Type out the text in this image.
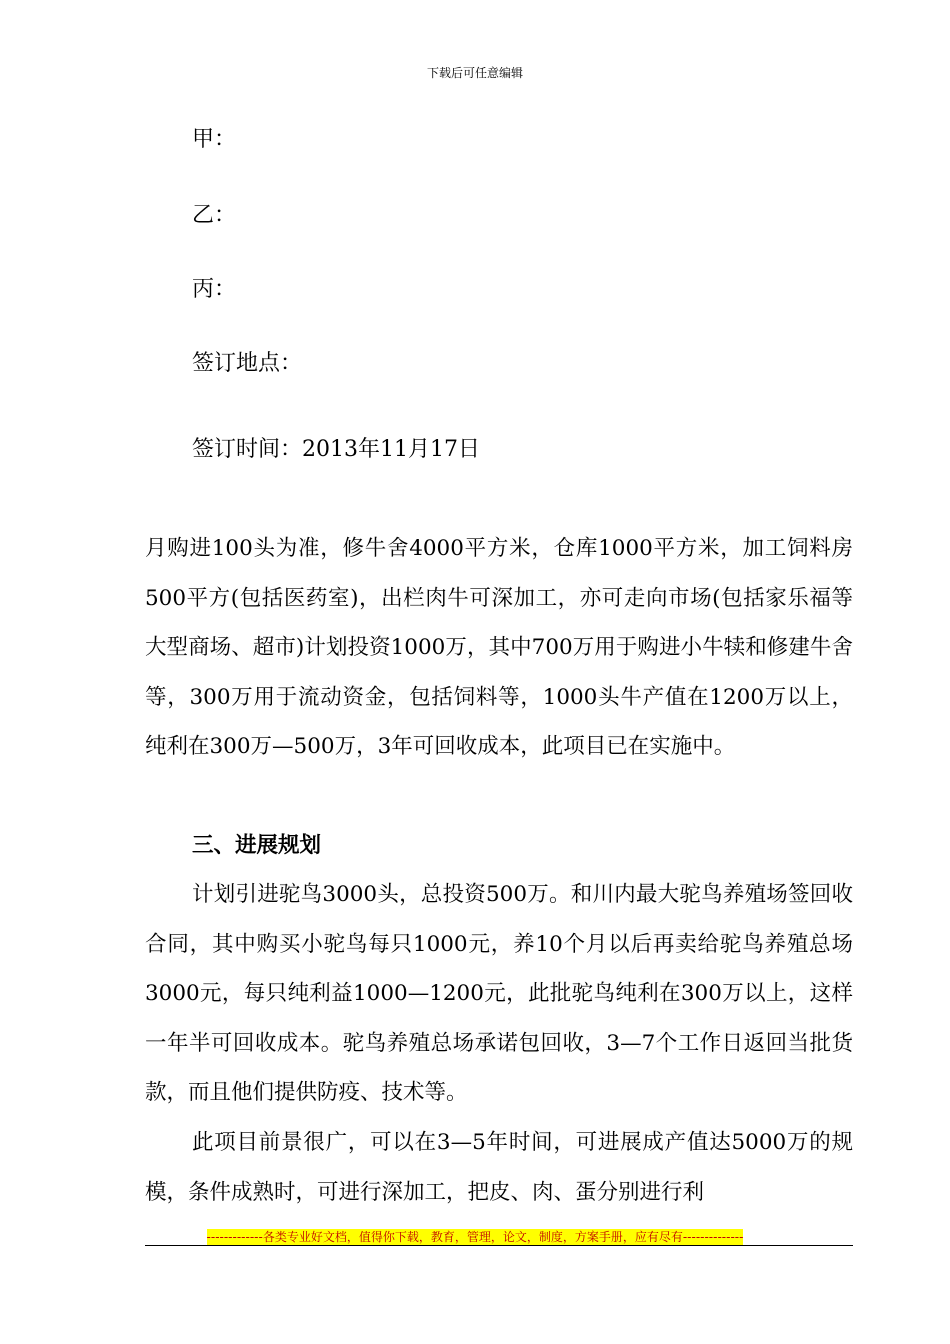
下载后可任意编辑
甲：
乙：
丙：
签订地点：
签订时间：2013年11月17日

月购进100头为准，修牛舍4000平方米，仓库1000平方米，加工饲料房500平方(包括医药室)，出栏肉牛可深加工，亦可走向市场(包括家乐福等大型商场、超市)计划投资1000万，其中700万用于购进小牛犊和修建牛舍等，300万用于流动资金，包括饲料等，1000头牛产值在1200万以上，纯利在300万—500万，3年可回收成本，此项目已在实施中。

三、进展规划

计划引进驼鸟3000头，总投资500万。和川内最大驼鸟养殖场签回收合同，其中购买小驼鸟每只1000元，养10个月以后再卖给驼鸟养殖总场3000元，每只纯利益1000—1200元，此批驼鸟纯利在300万以上，这样一年半可回收成本。驼鸟养殖总场承诺包回收，3—7个工作日返回当批货款，而且他们提供防疫、技术等。

此项目前景很广，可以在3—5年时间，可进展成产值达5000万的规模，条件成熟时，可进行深加工，把皮、肉、蛋分别进行利

-------------各类专业好文档，值得你下载，教育，管理，论文，制度，方案手册，应有尽有--------------
